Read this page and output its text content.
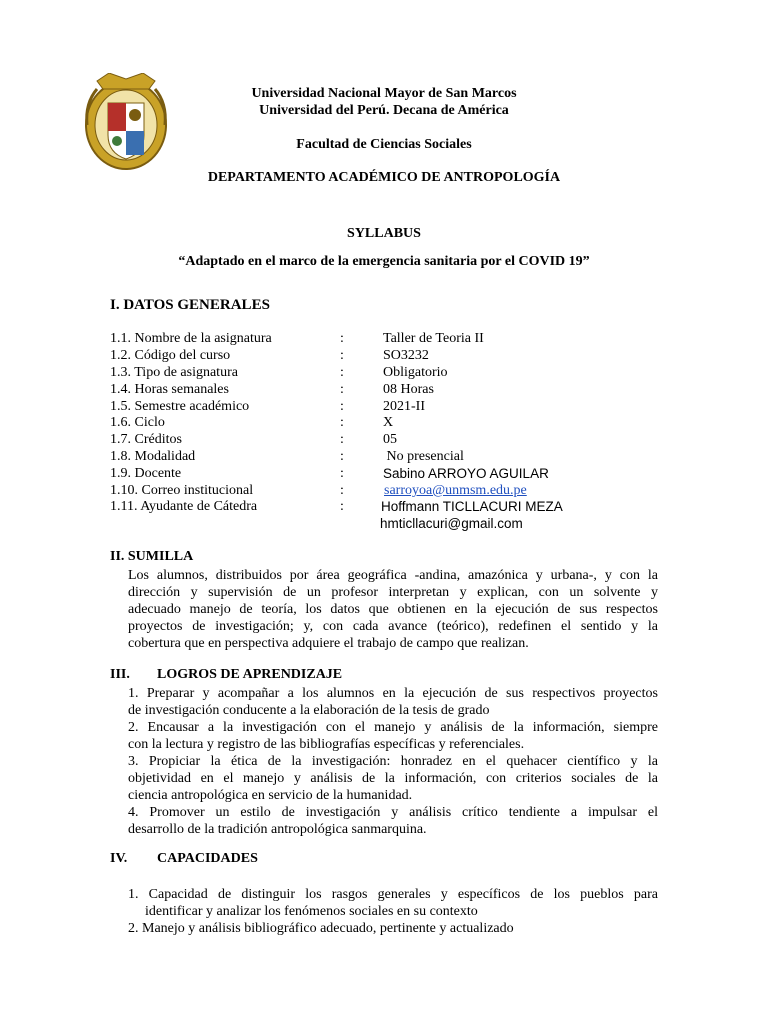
Universidad Nacional Mayor de San Marcos
Universidad del Perú. Decana de América
Facultad de Ciencias Sociales
DEPARTAMENTO ACADÉMICO DE ANTROPOLOGÍA
SYLLABUS
“Adaptado en el marco de la emergencia sanitaria por el COVID 19”
I. DATOS GENERALES
1.1. Nombre de la asignatura	:	Taller de Teoria II
1.2. Código del curso	:	SO3232
1.3. Tipo de asignatura	:	Obligatorio
1.4. Horas semanales	:	08 Horas
1.5. Semestre académico	:	2021-II
1.6. Ciclo	:	X
1.7. Créditos	:	05
1.8. Modalidad	:	No presencial
1.9. Docente	:	Sabino ARROYO AGUILAR
1.10. Correo institucional	:	sarroyoa@unmsm.edu.pe
1.11. Ayudante de Cátedra	:	Hoffmann TICLLACURI MEZA
hmticllacuri@gmail.com
II. SUMILLA
Los alumnos, distribuidos por área geográfica -andina, amazónica y urbana-, y con la
dirección y supervisión de un profesor interpretan y explican, con un solvente y
adecuado manejo de teoría, los datos que obtienen en la ejecución de sus respectos
proyectos de investigación; y, con cada avance (teórico), redefinen el sentido y la
cobertura que en perspectiva adquiere el trabajo de campo que realizan.
III. LOGROS DE APRENDIZAJE
1. Preparar y acompañar a los alumnos en la ejecución de sus respectivos proyectos
de investigación conducente a la elaboración de la tesis de grado
2. Encausar a la investigación con el manejo y análisis de la información, siempre
con la lectura y registro de las bibliografías específicas y referenciales.
3. Propiciar la ética de la investigación: honradez en el quehacer científico y la
objetividad en el manejo y análisis de la información, con criterios sociales de la
ciencia antropológica en servicio de la humanidad.
4. Promover un estilo de investigación y análisis crítico tendiente a impulsar el
desarrollo de la tradición antropológica sanmarquina.
IV. CAPACIDADES
1. Capacidad de distinguir los rasgos generales y específicos de los pueblos para
identificar y analizar los fenómenos sociales en su contexto
2. Manejo y análisis bibliográfico adecuado, pertinente y actualizado
